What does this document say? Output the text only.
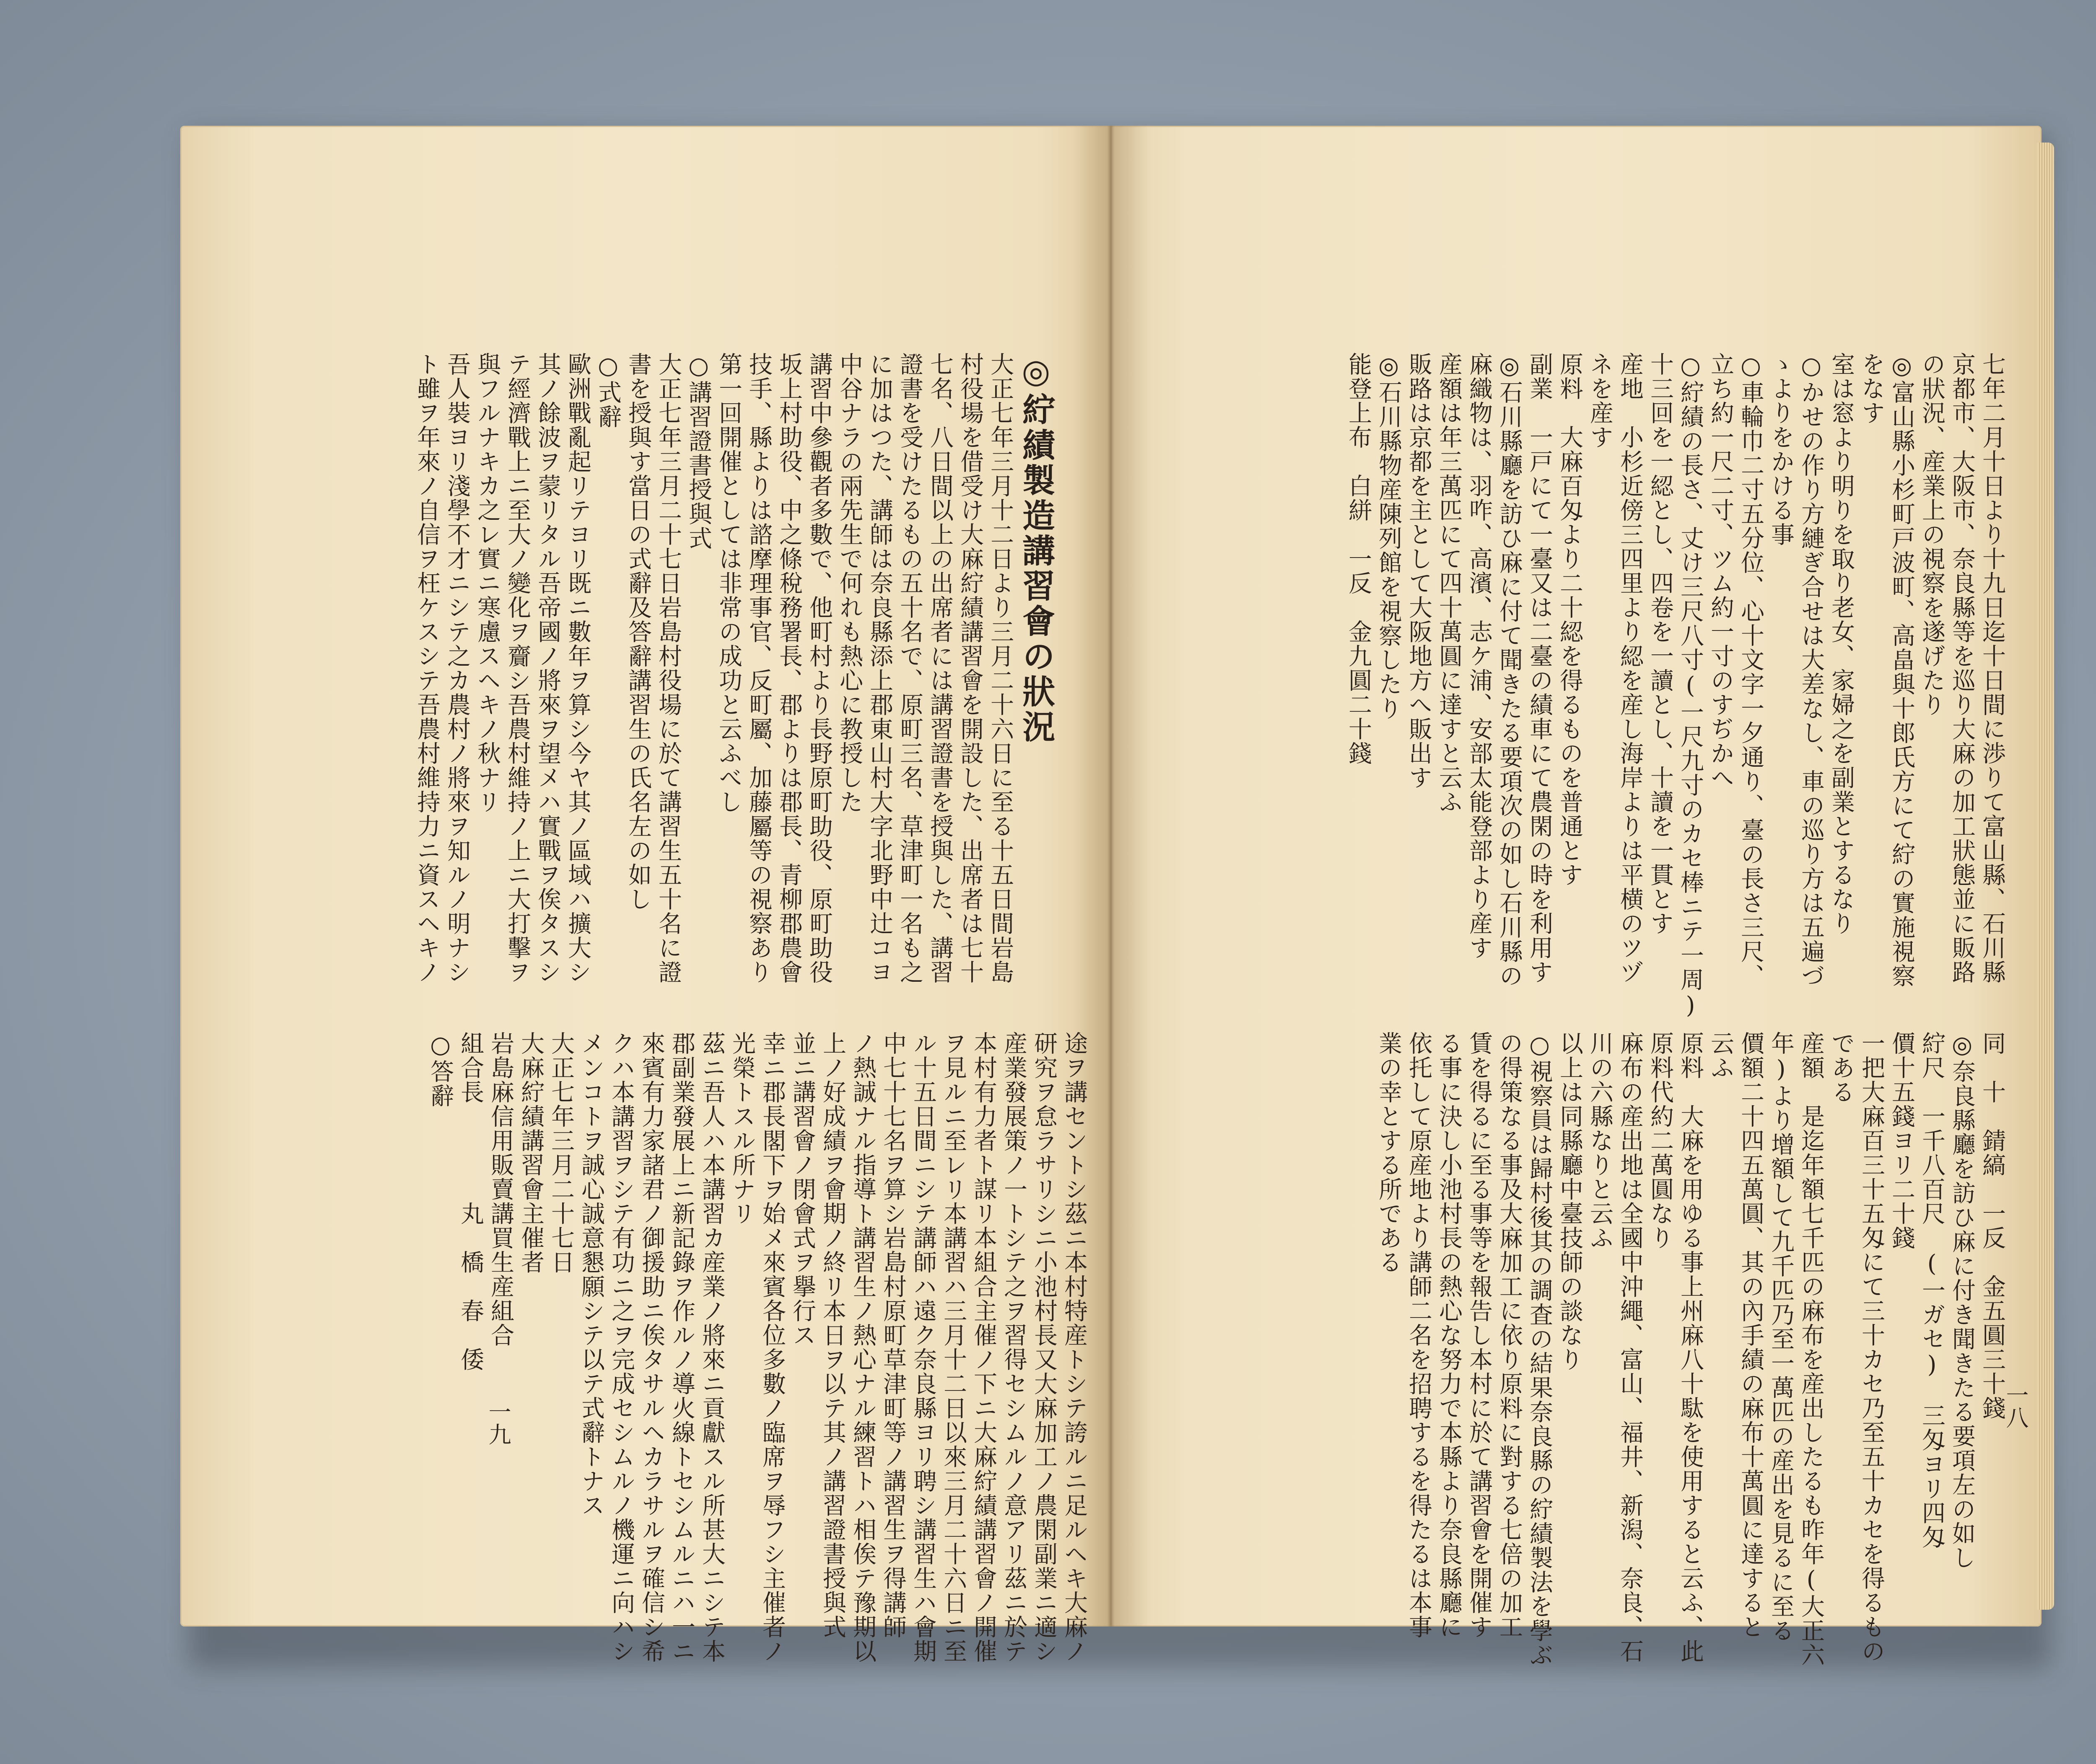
七年二月十日より十九日迄十日間に渉りて富山縣、石川縣
京都市、大阪市、奈良縣等を巡り大麻の加工狀態並に販路
の狀況、産業上の視察を遂げたり
◎富山縣小杉町戸波町、高畠與十郎氏方にて紵の實施視察
をなす
室は窓より明りを取り老女、家婦之を副業とするなり
○かせの作り方縺ぎ合せは大差なし、車の巡り方は五遍づ
ゝよりをかける事
○車輪巾二寸五分位、心十文字一夕通り、臺の長さ三尺、
立ち約一尺二寸、ツム約一寸のすぢかへ
○紵績の長さ、丈け三尺八寸(一尺九寸のカセ棒ニテ一周)
十三回を一綛とし、四卷を一讀とし、十讀を一貫とす
産地　小杉近傍三四里より綛を産し海岸よりは平横のツヅ
ネを産す
原料　大麻百匁より二十綛を得るものを普通とす
副業　一戸にて一臺又は二臺の績車にて農閑の時を利用す
◎石川縣廳を訪ひ麻に付て聞きたる要項次の如し石川縣の
麻織物は、羽咋、高濱、志ケ浦、安部太能登部より産す
産額は年三萬匹にて四十萬圓に達すと云ふ
販路は京都を主として大阪地方へ販出す
◎石川縣物産陳列館を視察したり
能登上布　白絣　一反　金九圓二十錢
同　十　錆縞　一反　金五圓三十錢
◎奈良縣廳を訪ひ麻に付き聞きたる要項左の如し
紵尺　一千八百尺　(一ガセ)　三匁ヨリ四匁
價十五錢ヨリ二十錢
一把大麻百三十五匁にて三十カセ乃至五十カセを得るもの
である
産額　是迄年額七千匹の麻布を産出したるも昨年(大正六
年)より增額して九千匹乃至一萬匹の産出を見るに至る
價額二十四五萬圓、其の內手績の麻布十萬圓に達すると
云ふ
原料　大麻を用ゆる事上州麻八十駄を使用すると云ふ、此
原料代約二萬圓なり
麻布の産出地は全國中沖繩、富山、福井、新潟、奈良、石
川の六縣なりと云ふ
以上は同縣廳中臺技師の談なり
○視察員は歸村後其の調査の結果奈良縣の紵績製法を學ぶ
の得策なる事及大麻加工に依り原料に對する七倍の加工
賃を得るに至る事等を報告し本村に於て講習會を開催す
る事に決し小池村長の熱心な努力で本縣より奈良縣廳に
依托して原産地より講師二名を招聘するを得たるは本事
業の幸とする所である
一八
◎紵績製造講習會の狀況
大正七年三月十二日より三月二十六日に至る十五日間岩島
村役場を借受け大麻紵績講習會を開設した、出席者は七十
七名、八日間以上の出席者には講習證書を授與した、講習
證書を受けたるもの五十名で、原町三名、草津町一名も之
に加はつた、講師は奈良縣添上郡東山村大字北野中辻コヨ
中谷ナラの兩先生で何れも熱心に教授した
講習中參觀者多數で、他町村より長野原町助役、原町助役
坂上村助役、中之條稅務署長、郡よりは郡長、青柳郡農會
技手、縣よりは諮摩理事官、反町屬、加藤屬等の視察あり
第一回開催としては非常の成功と云ふべし
○講習證書授與式
大正七年三月二十七日岩島村役場に於て講習生五十名に證
書を授與す當日の式辭及答辭講習生の氏名左の如し
○式辭
歐洲戰亂起リテヨリ既ニ數年ヲ算シ今ヤ其ノ區域ハ擴大シ
其ノ餘波ヲ蒙リタル吾帝國ノ將來ヲ望メハ實戰ヲ俟タスシ
テ經濟戰上ニ至大ノ變化ヲ齎シ吾農村維持ノ上ニ大打擊ヲ
與フルナキカ之レ實ニ寒慮スヘキノ秋ナリ
吾人裝ヨリ淺學不才ニシテ之カ農村ノ將來ヲ知ルノ明ナシ
ト雖ヲ年來ノ自信ヲ枉ケスシテ吾農村維持力ニ資スヘキノ
途ヲ講セントシ茲ニ本村特産トシテ誇ルニ足ルヘキ大麻ノ
研究ヲ怠ラサリシニ小池村長又大麻加工ノ農閑副業ニ適シ
産業發展策ノ一トシテ之ヲ習得セシムルノ意アリ茲ニ於テ
本村有力者ト謀リ本組合主催ノ下ニ大麻紵績講習會ノ開催
ヲ見ルニ至レリ本講習ハ三月十二日以來三月二十六日ニ至
ル十五日間ニシテ講師ハ遠ク奈良縣ヨリ聘シ講習生ハ會期
中七十七名ヲ算シ岩島村原町草津町等ノ講習生ヲ得講師
ノ熱誠ナル指導ト講習生ノ熱心ナル練習トハ相俟テ豫期以
上ノ好成績ヲ會期ノ終リ本日ヲ以テ其ノ講習證書授與式
並ニ講習會ノ閉會式ヲ擧行ス
幸ニ郡長閣下ヲ始メ來賓各位多數ノ臨席ヲ辱フシ主催者ノ
光榮トスル所ナリ
茲ニ吾人ハ本講習カ産業ノ將來ニ貢獻スル所甚大ニシテ本
郡副業發展上ニ新記錄ヲ作ルノ導火線トセシムルニハ一ニ
來賓有力家諸君ノ御援助ニ俟タサルヘカラサルヲ確信シ希
クハ本講習ヲシテ有功ニ之ヲ完成セシムルノ機運ニ向ハシ
メンコトヲ誠心誠意懇願シテ以テ式辭トナス
大正七年三月二十七日
大麻紵績講習會主催者
岩島麻信用販賣講買生産組合
組合長　　　　丸　橋　春　倭
○答辭
一九
